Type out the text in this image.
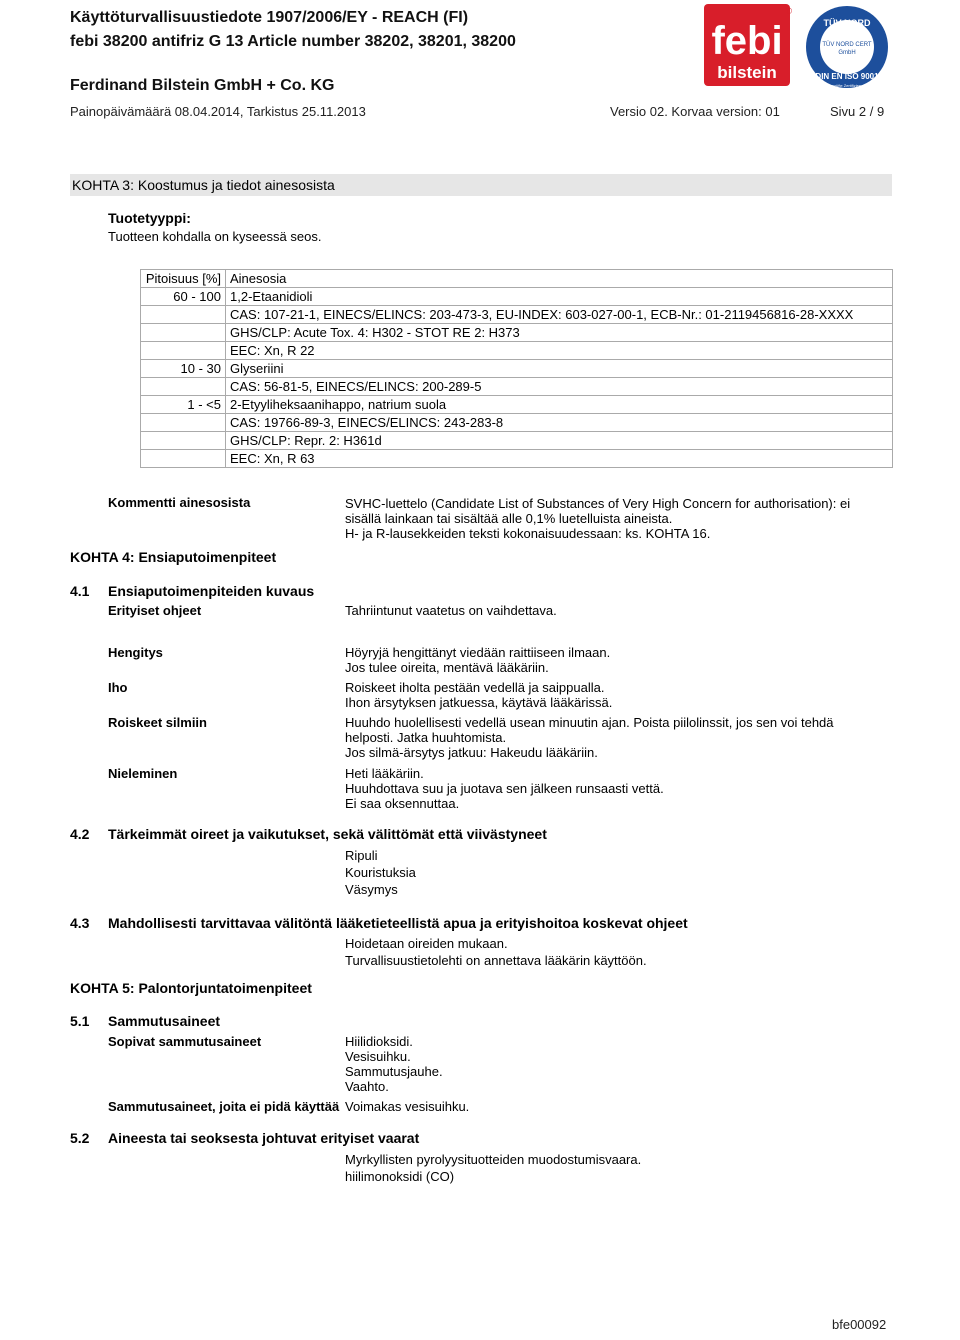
Käyttöturvallisuustiedote 1907/2006/EY - REACH (FI)
febi 38200 antifriz G 13 Article number 38202, 38201, 38200
Ferdinand Bilstein GmbH + Co. KG
Painopäivämäärä 08.04.2014, Tarkistus 25.11.2013	Versio 02. Korvaa version: 01	Sivu 2 / 9
febi
bilstein
®
TÜV NORD
TÜV NORD CERT
GmbH
DIN EN ISO 9001
Geprüfte Zertifizierung
KOHTA 3: Koostumus ja tiedot ainesosista
Tuotetyyppi:
Tuotteen kohdalla on kyseessä seos.
Pitoisuus [%]	Ainesosia
60 - 100	1,2-Etaanidioli
	CAS: 107-21-1, EINECS/ELINCS: 203-473-3, EU-INDEX: 603-027-00-1, ECB-Nr.: 01-2119456816-28-XXXX
	GHS/CLP: Acute Tox. 4: H302 - STOT RE 2: H373
	EEC: Xn, R 22
10 - 30	Glyseriini
	CAS: 56-81-5, EINECS/ELINCS: 200-289-5
1 - <5	2-Etyyliheksaanihappo, natrium suola
	CAS: 19766-89-3, EINECS/ELINCS: 243-283-8
	GHS/CLP: Repr. 2: H361d
	EEC: Xn, R 63
Kommentti ainesosista	SVHC-luettelo (Candidate List of Substances of Very High Concern for authorisation): ei
sisällä lainkaan tai sisältää alle 0,1% luetelluista aineista.
H- ja R-lausekkeiden teksti kokonaisuudessaan: ks. KOHTA 16.
KOHTA 4: Ensiaputoimenpiteet
4.1 Ensiaputoimenpiteiden kuvaus
Erityiset ohjeet	Tahriintunut vaatetus on vaihdettava.
Hengitys	Höyryjä hengittänyt viedään raittiiseen ilmaan.
Jos tulee oireita, mentävä lääkäriin.
Iho	Roiskeet iholta pestään vedellä ja saippualla.
Ihon ärsytyksen jatkuessa, käytävä lääkärissä.
Roiskeet silmiin	Huuhdo huolellisesti vedellä usean minuutin ajan. Poista piilolinssit, jos sen voi tehdä
helposti. Jatka huuhtomista.
Jos silmä-ärsytys jatkuu: Hakeudu lääkäriin.
Nieleminen	Heti lääkäriin.
Huuhdottava suu ja juotava sen jälkeen runsaasti vettä.
Ei saa oksennuttaa.
4.2 Tärkeimmät oireet ja vaikutukset, sekä välittömät että viivästyneet
Ripuli
Kouristuksia
Väsymys
4.3 Mahdollisesti tarvittavaa välitöntä lääketieteellistä apua ja erityishoitoa koskevat ohjeet
Hoidetaan oireiden mukaan.
Turvallisuustietolehti on annettava lääkärin käyttöön.
KOHTA 5: Palontorjuntatoimenpiteet
5.1 Sammutusaineet
Sopivat sammutusaineet	Hiilidioksidi.
Vesisuihku.
Sammutusjauhe.
Vaahto.
Sammutusaineet, joita ei pidä käyttää Voimakas vesisuihku.
5.2 Aineesta tai seoksesta johtuvat erityiset vaarat
Myrkyllisten pyrolyysituotteiden muodostumisvaara.
hiilimonoksidi (CO)
bfe00092
